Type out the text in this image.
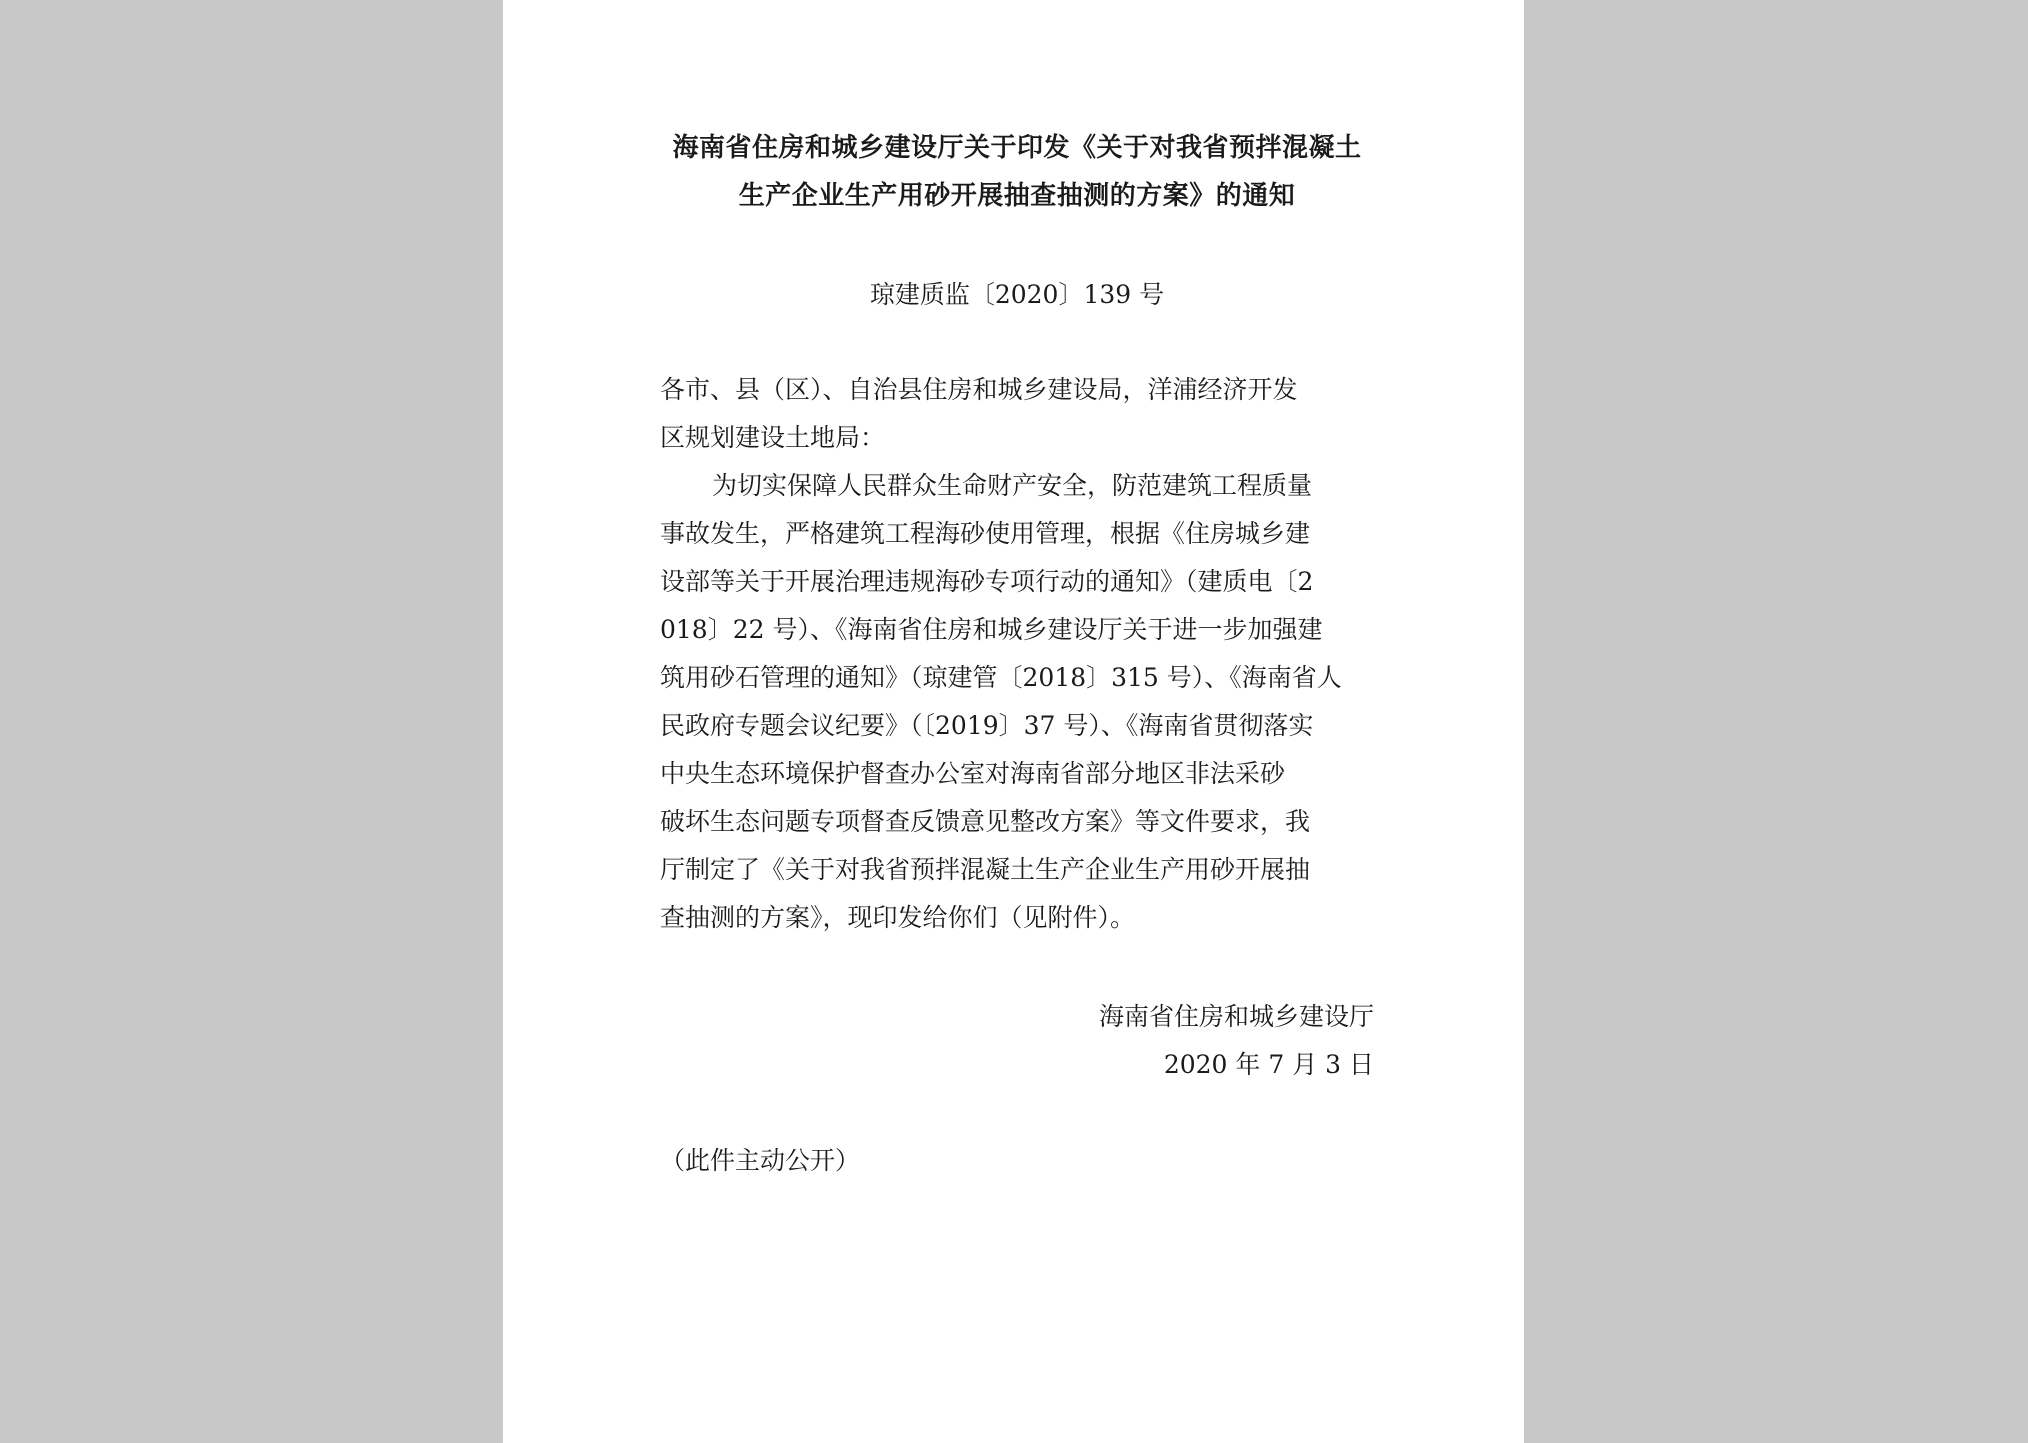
海南省住房和城乡建设厅关于印发《关于对我省预拌混凝土
生产企业生产用砂开展抽查抽测的方案》的通知
琼建质监〔2020〕139 号
各市、县（区）、自治县住房和城乡建设局，洋浦经济开发
区规划建设土地局：
为切实保障人民群众生命财产安全，防范建筑工程质量
事故发生，严格建筑工程海砂使用管理，根据《住房城乡建
设部等关于开展治理违规海砂专项行动的通知》（建质电〔2
018〕22 号）、《海南省住房和城乡建设厅关于进一步加强建
筑用砂石管理的通知》（琼建管〔2018〕315 号）、《海南省人
民政府专题会议纪要》（〔2019〕37 号）、《海南省贯彻落实
中央生态环境保护督查办公室对海南省部分地区非法采砂
破坏生态问题专项督查反馈意见整改方案》等文件要求，我
厅制定了《关于对我省预拌混凝土生产企业生产用砂开展抽
查抽测的方案》，现印发给你们（见附件）。
海南省住房和城乡建设厅
2020 年 7 月 3 日
（此件主动公开）
